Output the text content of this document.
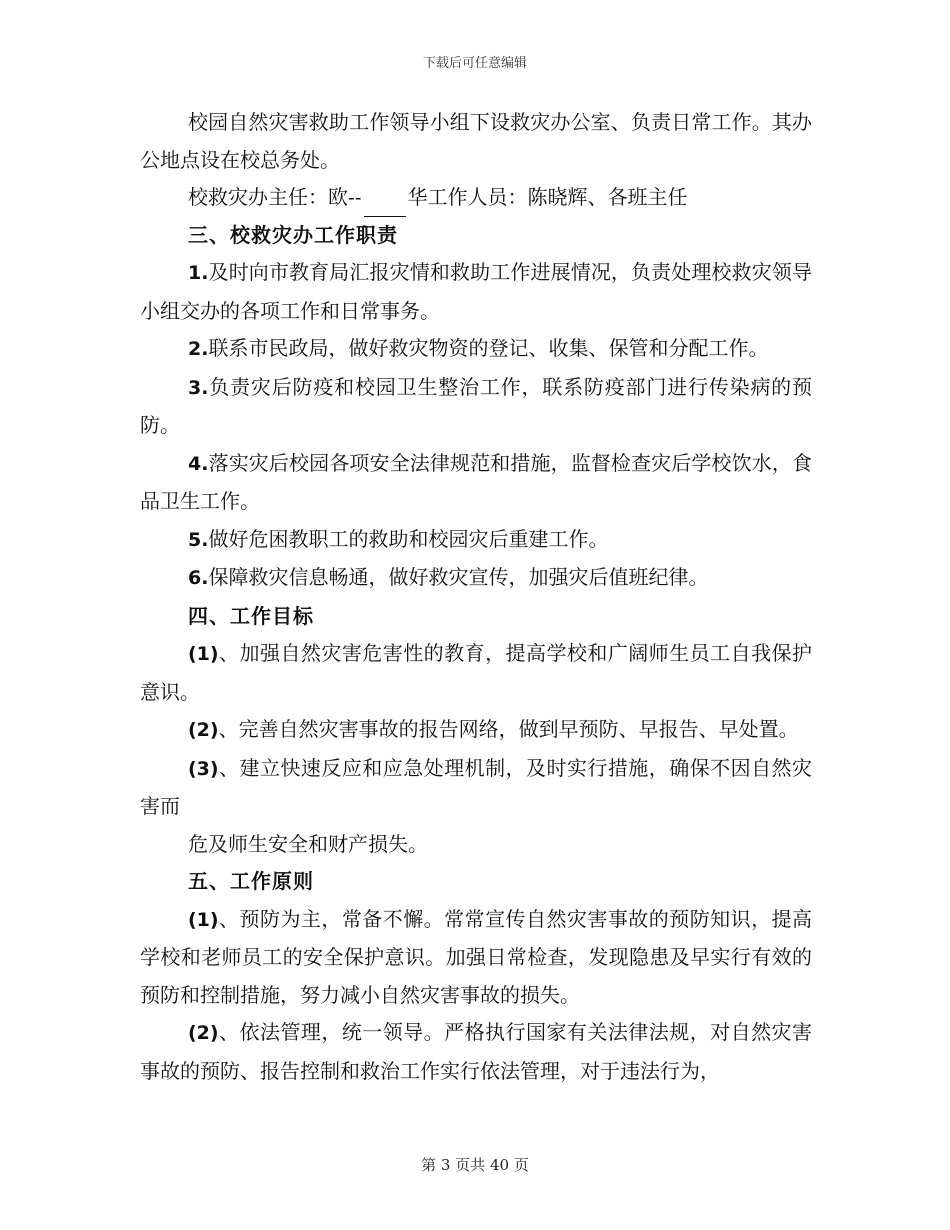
下载后可任意编辑

校园自然灾害救助工作领导小组下设救灾办公室、负责日常工作。其办公地点设在校总务处。

校救灾办主任：欧-- 华工作人员：陈晓辉、各班主任

三、校救灾办工作职责

1.及时向市教育局汇报灾情和救助工作进展情况，负责处理校救灾领导小组交办的各项工作和日常事务。

2.联系市民政局，做好救灾物资的登记、收集、保管和分配工作。

3.负责灾后防疫和校园卫生整治工作，联系防疫部门进行传染病的预防。

4.落实灾后校园各项安全法律规范和措施，监督检查灾后学校饮水，食品卫生工作。

5.做好危困教职工的救助和校园灾后重建工作。

6.保障救灾信息畅通，做好救灾宣传，加强灾后值班纪律。

四、工作目标

(1)、加强自然灾害危害性的教育，提高学校和广阔师生员工自我保护意识。

(2)、完善自然灾害事故的报告网络，做到早预防、早报告、早处置。

(3)、建立快速反应和应急处理机制，及时实行措施，确保不因自然灾害而

危及师生安全和财产损失。

五、工作原则

(1)、预防为主，常备不懈。常常宣传自然灾害事故的预防知识，提高学校和老师员工的安全保护意识。加强日常检查，发现隐患及早实行有效的预防和控制措施，努力减小自然灾害事故的损失。

(2)、依法管理，统一领导。严格执行国家有关法律法规，对自然灾害事故的预防、报告控制和救治工作实行依法管理，对于违法行为，

第 3 页共 40 页
